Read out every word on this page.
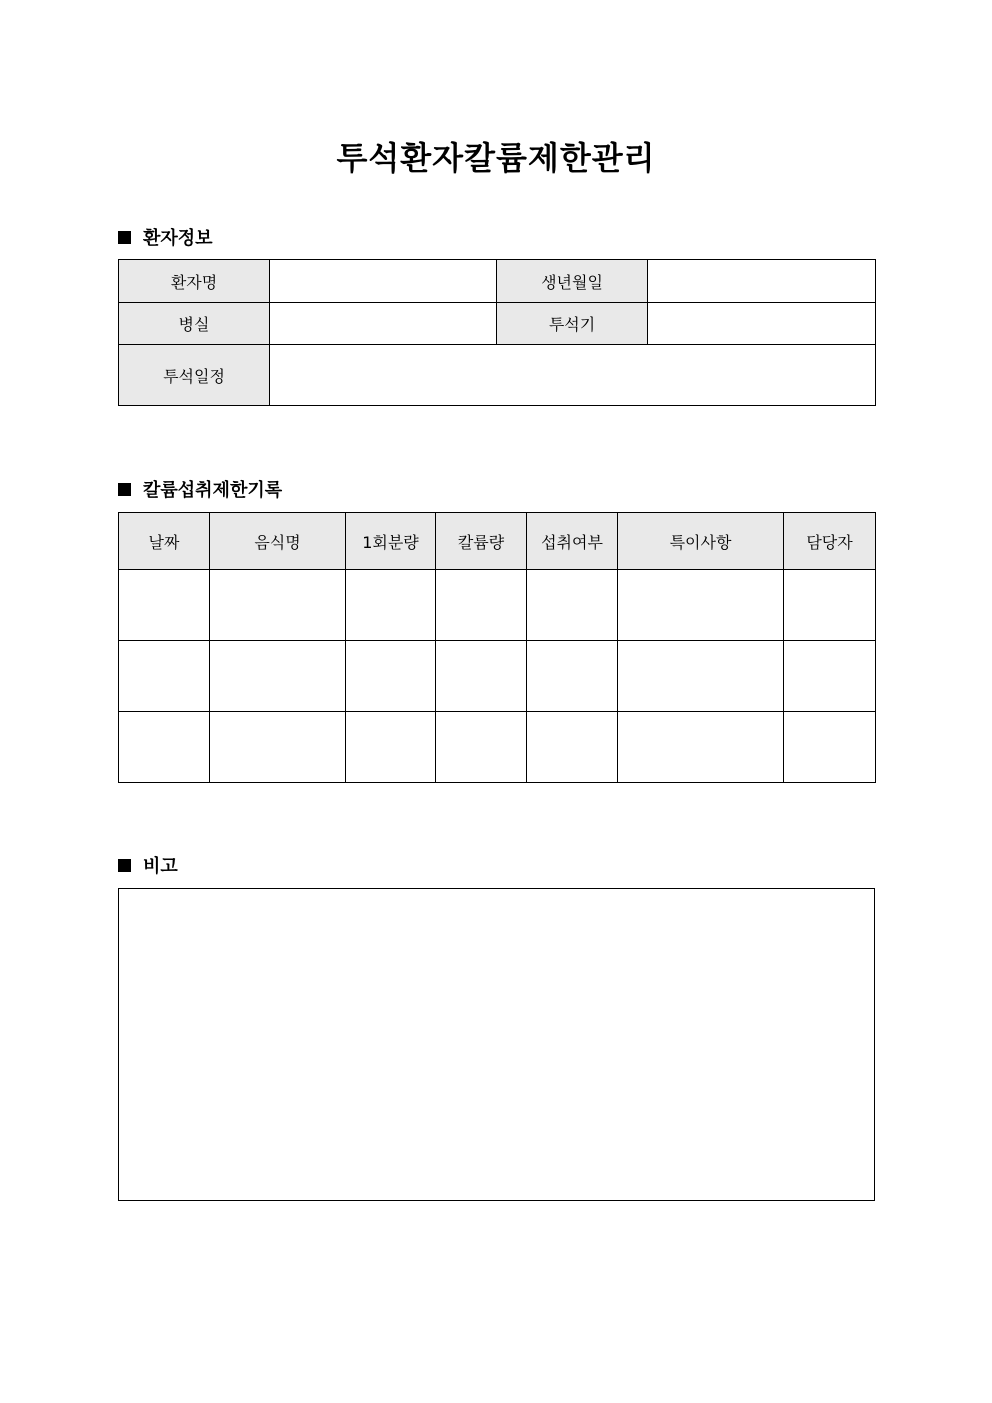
투석환자칼륨제한관리
환자정보
환자명		생년월일	
병실		투석기	
투석일정			
칼륨섭취제한기록
날짜	음식명	1회분량	칼륨량	섭취여부	특이사항	담당자

비고
